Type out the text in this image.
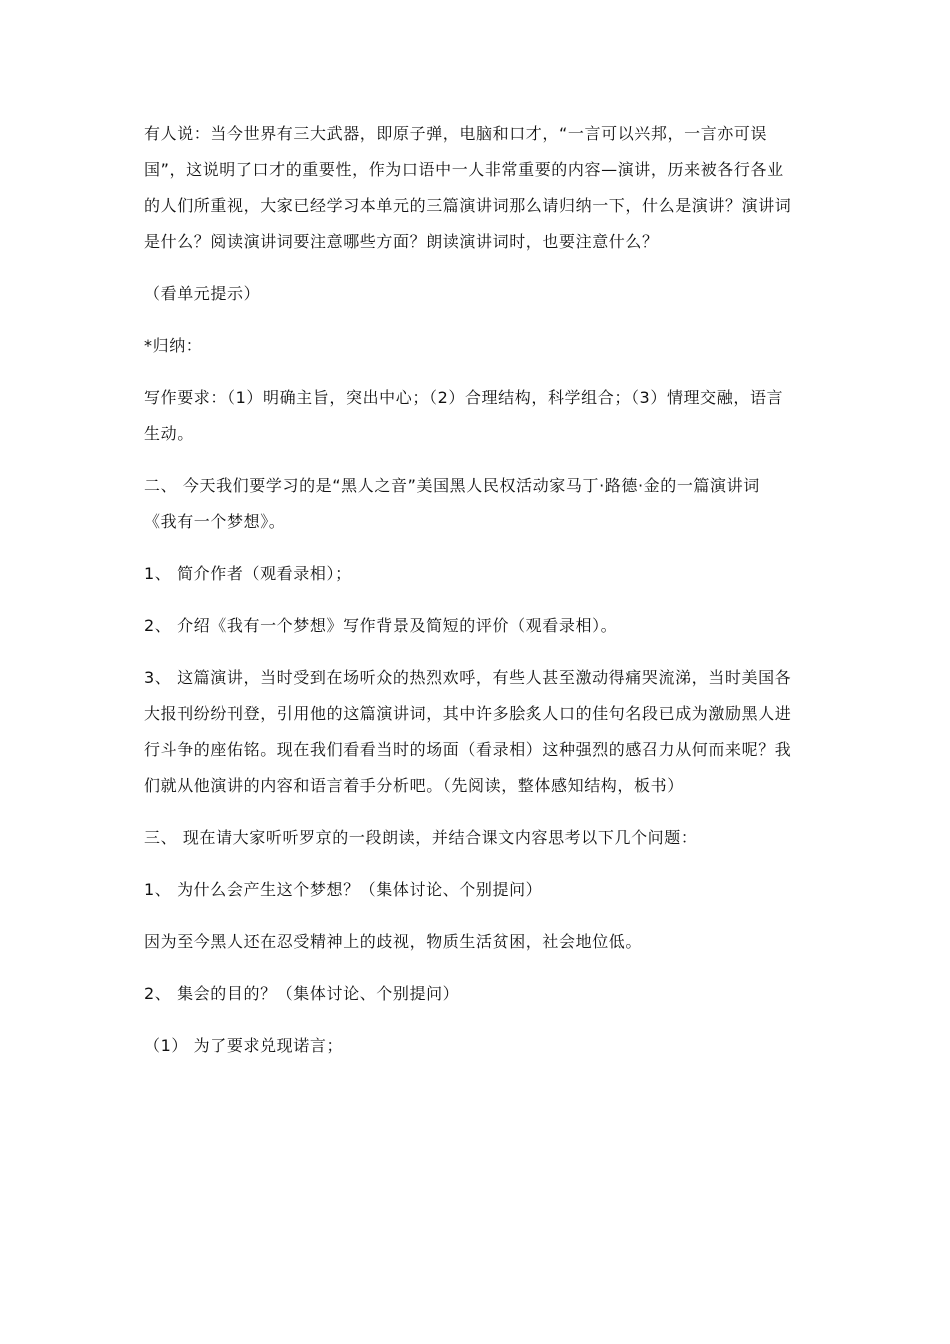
有人说：当今世界有三大武器，即原子弹，电脑和口才，“一言可以兴邦，一言亦可误
国”，这说明了口才的重要性，作为口语中一人非常重要的内容—演讲，历来被各行各业
的人们所重视，大家已经学习本单元的三篇演讲词那么请归纳一下，什么是演讲？演讲词
是什么？阅读演讲词要注意哪些方面？朗读演讲词时，也要注意什么？
（看单元提示）
*归纳：
写作要求：（1）明确主旨，突出中心；（2）合理结构，科学组合；（3）情理交融，语言
生动。
二、 今天我们要学习的是“黑人之音”美国黑人民权活动家马丁·路德·金的一篇演讲词
《我有一个梦想》。
1、 简介作者（观看录相）；
2、 介绍《我有一个梦想》写作背景及简短的评价（观看录相）。
3、 这篇演讲，当时受到在场听众的热烈欢呼，有些人甚至激动得痛哭流涕，当时美国各
大报刊纷纷刊登，引用他的这篇演讲词，其中许多脍炙人口的佳句名段已成为激励黑人进
行斗争的座佑铭。现在我们看看当时的场面（看录相）这种强烈的感召力从何而来呢？我
们就从他演讲的内容和语言着手分析吧。（先阅读，整体感知结构，板书）
三、 现在请大家听听罗京的一段朗读，并结合课文内容思考以下几个问题：
1、 为什么会产生这个梦想？（集体讨论、个别提问）
因为至今黑人还在忍受精神上的歧视，物质生活贫困，社会地位低。
2、 集会的目的？（集体讨论、个别提问）
（1） 为了要求兑现诺言；
